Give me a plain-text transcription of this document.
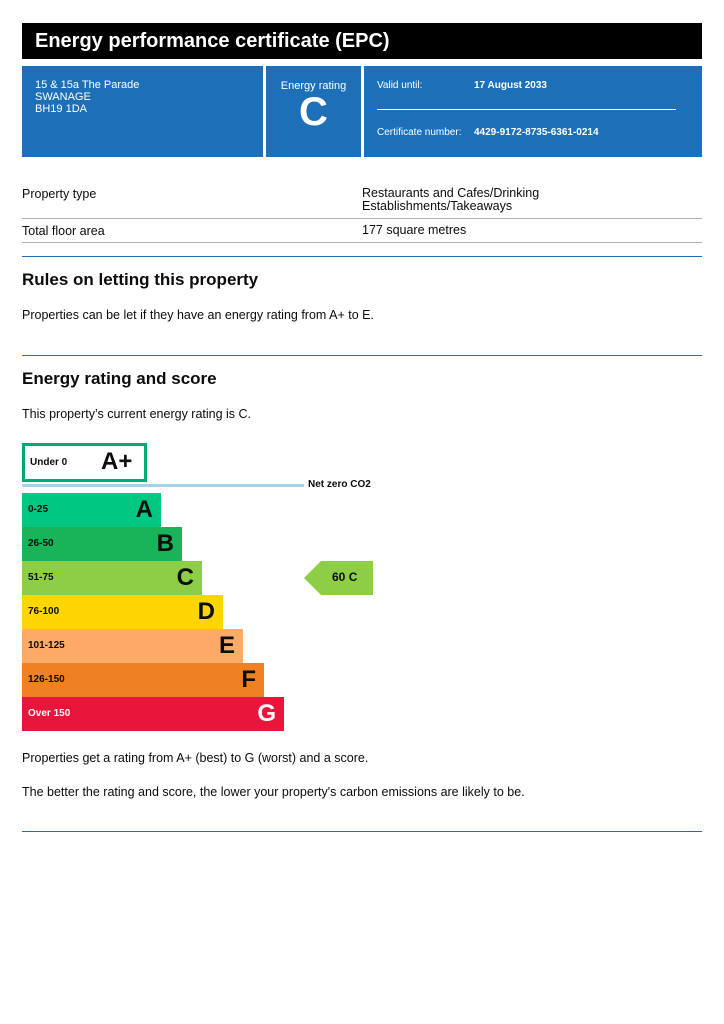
Energy performance certificate (EPC)
15 & 15a The Parade
SWANAGE
BH19 1DA
Energy rating
C
Valid until:	17 August 2033
Certificate number: 4429-9172-8735-6361-0214
Property type	Restaurants and Cafes/Drinking Establishments/Takeaways
Total floor area	177 square metres
Rules on letting this property

Properties can be let if they have an energy rating from A+ to E.

Energy rating and score

This property’s current energy rating is C.

Under 0 A+
Net zero CO2
0-25	A
26-50	B
51-75	C
76-100	D
101-125	E
126-150	F
Over 150	G
60 C

Properties get a rating from A+ (best) to G (worst) and a score.

The better the rating and score, the lower your property's carbon emissions are likely to be.
